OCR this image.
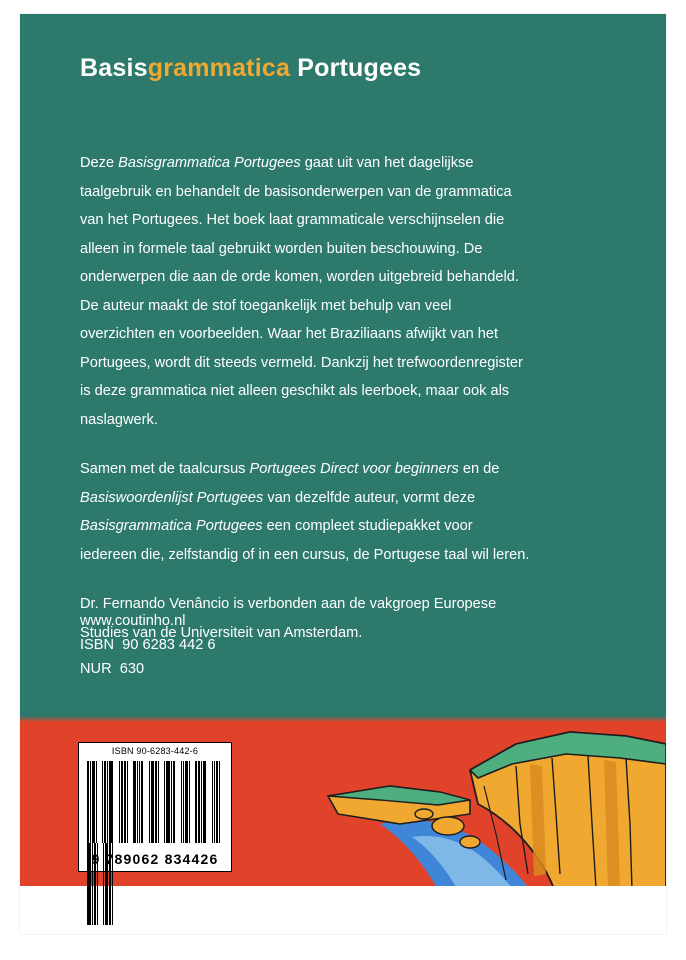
Basisgrammatica Portugees

Deze Basisgrammatica Portugees gaat uit van het dagelijkse taalgebruik en behandelt de basisonderwerpen van de grammatica van het Portugees. Het boek laat grammaticale verschijnselen die alleen in formele taal gebruikt worden buiten beschouwing. De onderwerpen die aan de orde komen, worden uitgebreid behandeld. De auteur maakt de stof toegankelijk met behulp van veel overzichten en voorbeelden. Waar het Braziliaans afwijkt van het Portugees, wordt dit steeds vermeld. Dankzij het trefwoordenregister is deze grammatica niet alleen geschikt als leerboek, maar ook als naslagwerk.

Samen met de taalcursus Portugees Direct voor beginners en de Basiswoordenlijst Portugees van dezelfde auteur, vormt deze Basisgrammatica Portugees een compleet studiepakket voor iedereen die, zelfstandig of in een cursus, de Portugese taal wil leren.

Dr. Fernando Venâncio is verbonden aan de vakgroep Europese Studies van de Universiteit van Amsterdam.

www.coutinho.nl
ISBN  90 6283 442 6
NUR  630
ISBN 90-6283-442-6

9 789062 834426
